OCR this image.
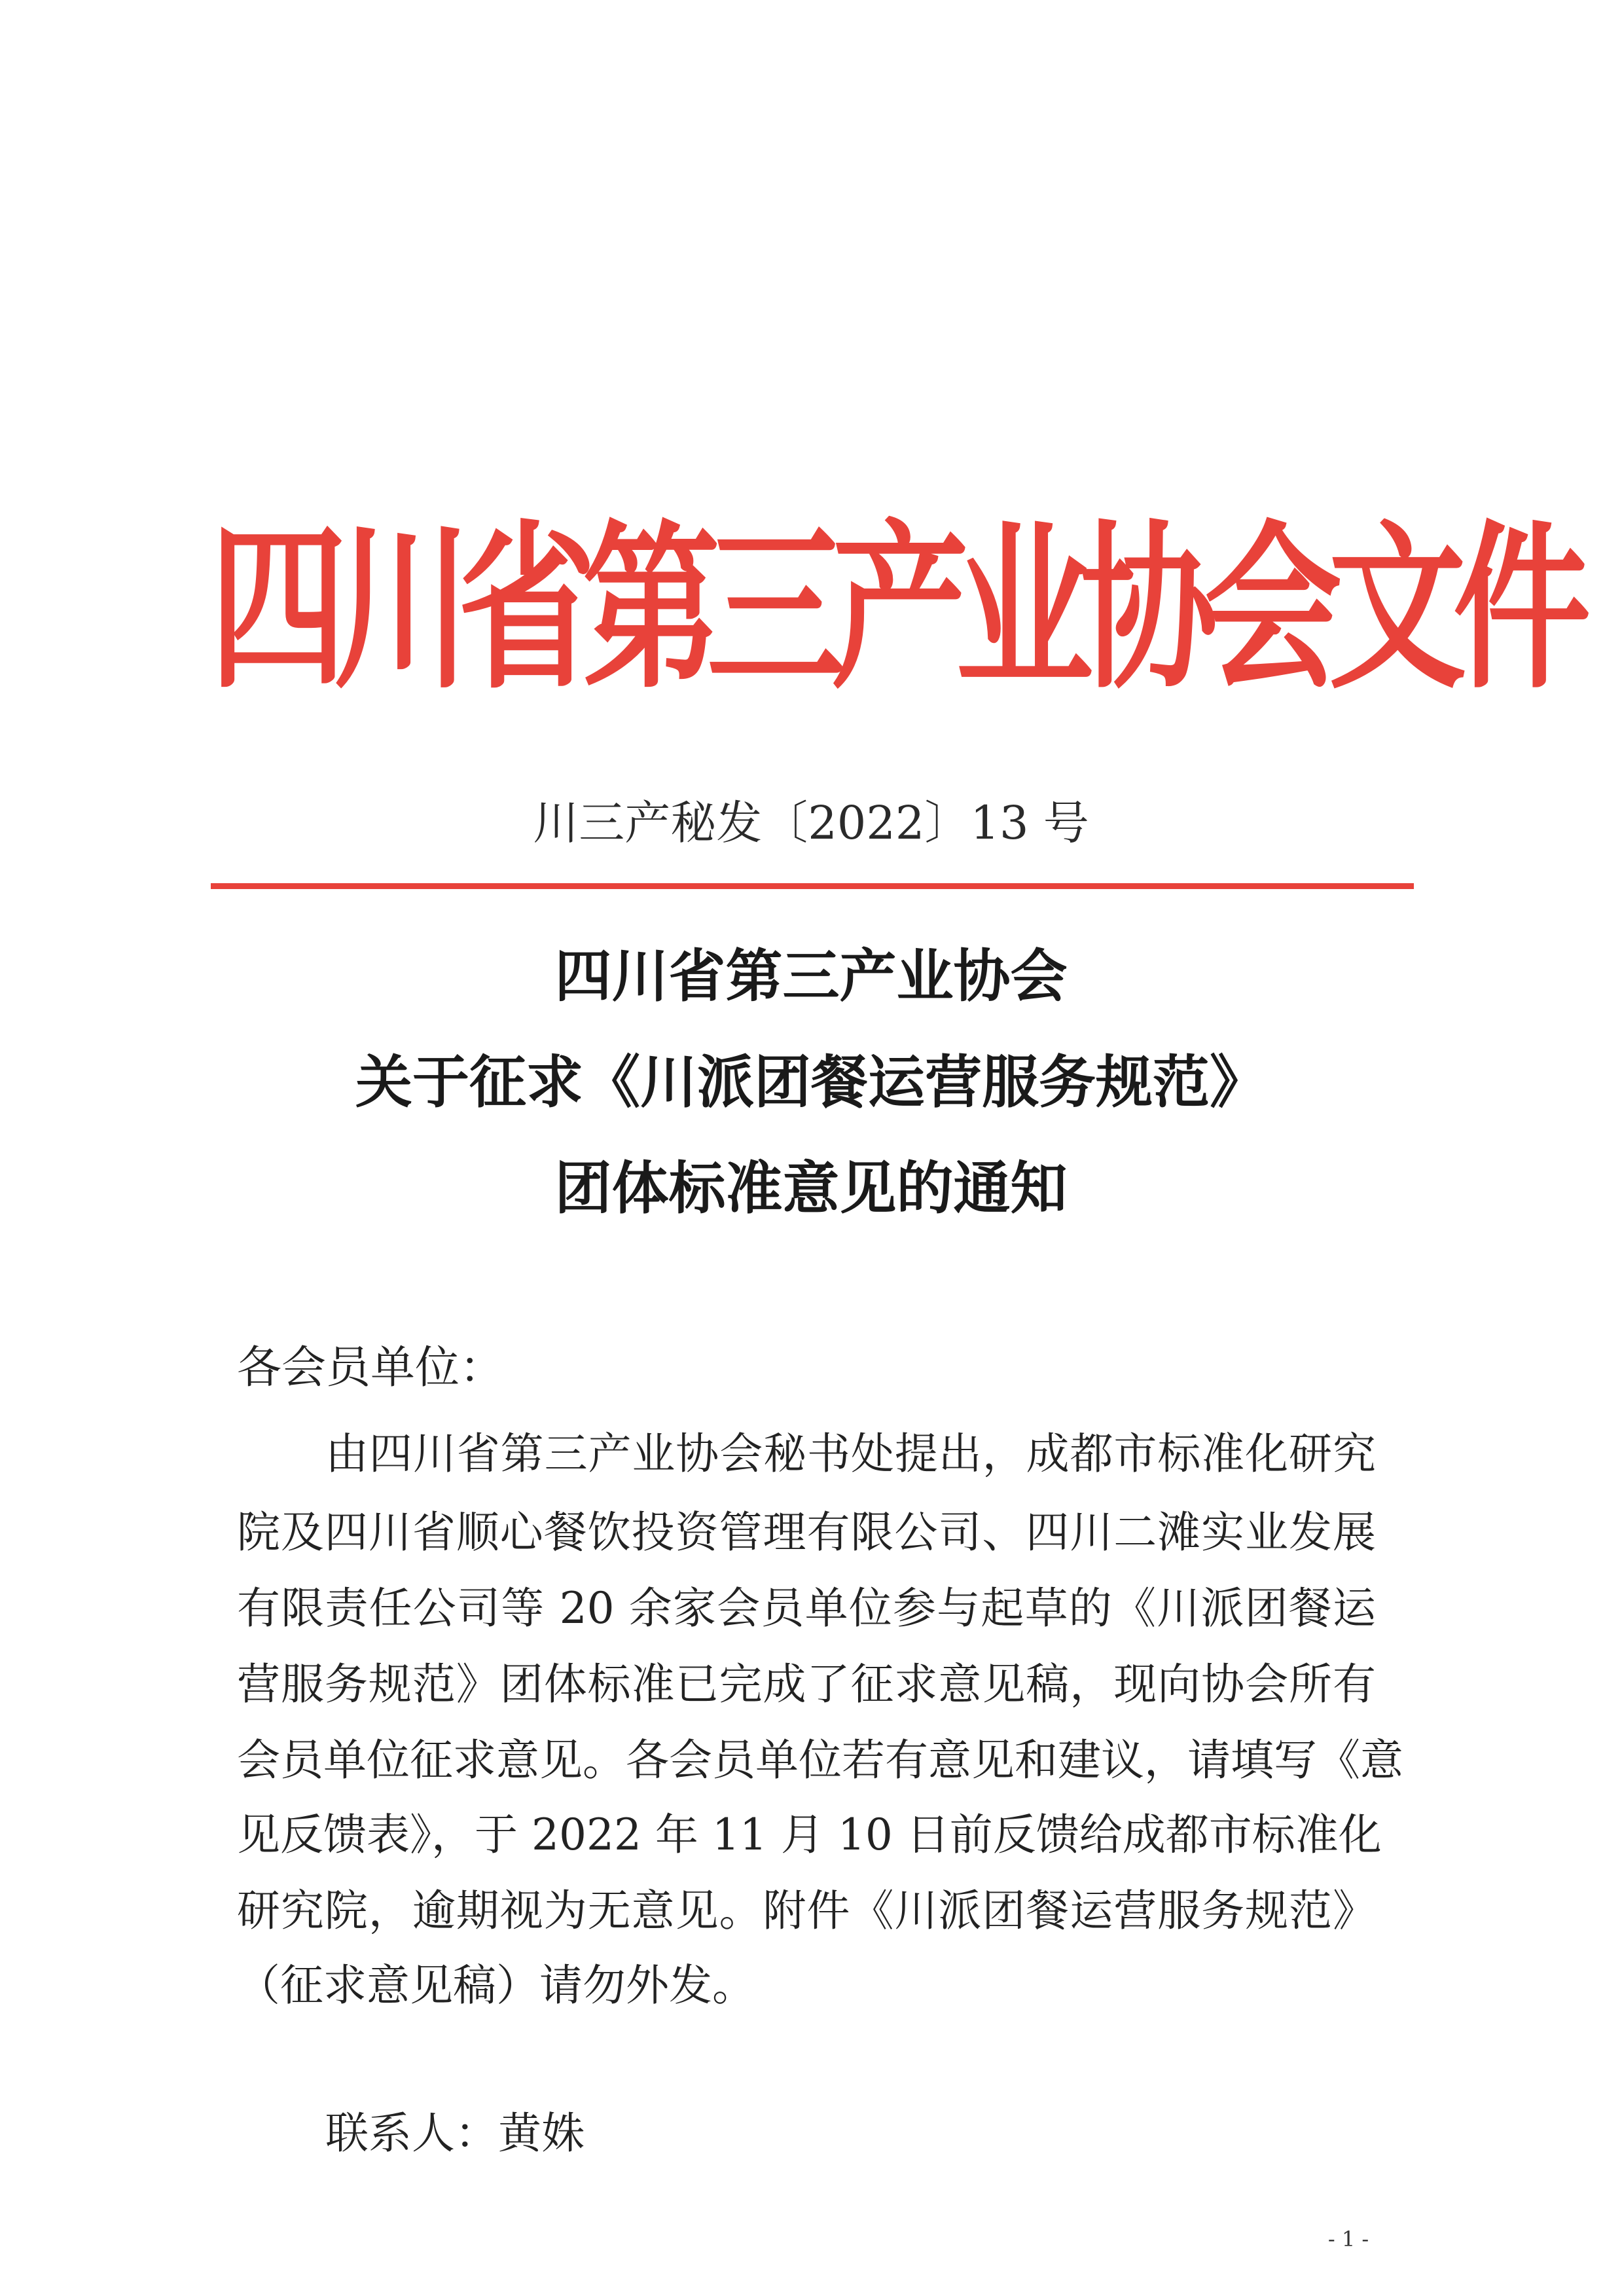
四川省第三产业协会文件

川三产秘发〔2022〕13 号

四川省第三产业协会
关于征求《川派团餐运营服务规范》
团体标准意见的通知

各会员单位：

由四川省第三产业协会秘书处提出，成都市标准化研究

院及四川省顺心餐饮投资管理有限公司、四川二滩实业发展

有限责任公司等 20 余家会员单位参与起草的《川派团餐运

营服务规范》团体标准已完成了征求意见稿，现向协会所有

会员单位征求意见。各会员单位若有意见和建议，请填写《意

见反馈表》，于 2022 年 11 月 10 日前反馈给成都市标准化

研究院，逾期视为无意见。附件《川派团餐运营服务规范》

（征求意见稿）请勿外发。

联系人：黄姝

- 1 -
